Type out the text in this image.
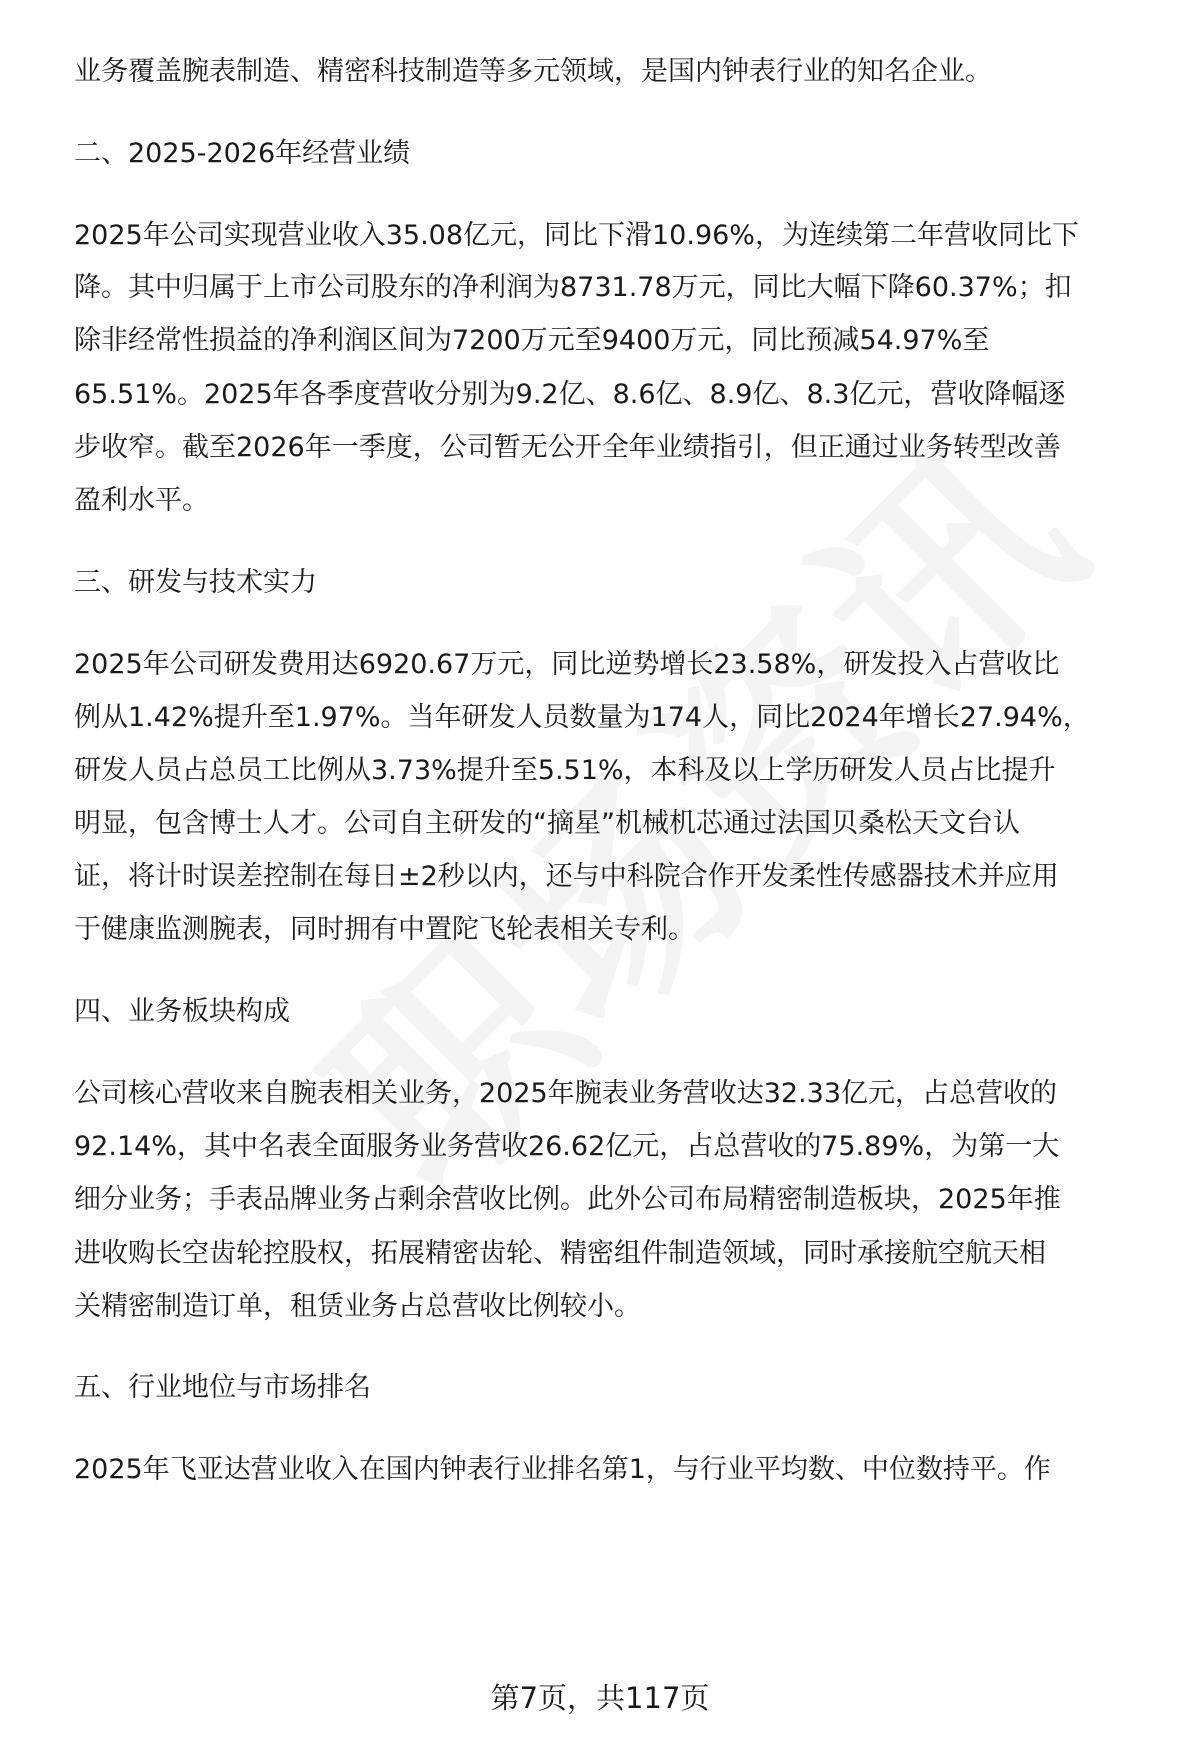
业务覆盖腕表制造、精密科技制造等多元领域，是国内钟表行业的知名企业。
二、2025-2026年经营业绩
2025年公司实现营业收入35.08亿元，同比下滑10.96%，为连续第二年营收同比下
降。其中归属于上市公司股东的净利润为8731.78万元，同比大幅下降60.37%；扣
除非经常性损益的净利润区间为7200万元至9400万元，同比预减54.97%至
65.51%。2025年各季度营收分别为9.2亿、8.6亿、8.9亿、8.3亿元，营收降幅逐
步收窄。截至2026年一季度，公司暂无公开全年业绩指引，但正通过业务转型改善
盈利水平。
三、研发与技术实力
2025年公司研发费用达6920.67万元，同比逆势增长23.58%，研发投入占营收比
例从1.42%提升至1.97%。当年研发人员数量为174人，同比2024年增长27.94%，
研发人员占总员工比例从3.73%提升至5.51%，本科及以上学历研发人员占比提升
明显，包含博士人才。公司自主研发的“摘星”机械机芯通过法国贝桑松天文台认
证，将计时误差控制在每日±2秒以内，还与中科院合作开发柔性传感器技术并应用
于健康监测腕表，同时拥有中置陀飞轮表相关专利。
四、业务板块构成
公司核心营收来自腕表相关业务，2025年腕表业务营收达32.33亿元，占总营收的
92.14%，其中名表全面服务业务营收26.62亿元，占总营收的75.89%，为第一大
细分业务；手表品牌业务占剩余营收比例。此外公司布局精密制造板块，2025年推
进收购长空齿轮控股权，拓展精密齿轮、精密组件制造领域，同时承接航空航天相
关精密制造订单，租赁业务占总营收比例较小。
五、行业地位与市场排名
2025年飞亚达营业收入在国内钟表行业排名第1，与行业平均数、中位数持平。作
第7页，共117页
